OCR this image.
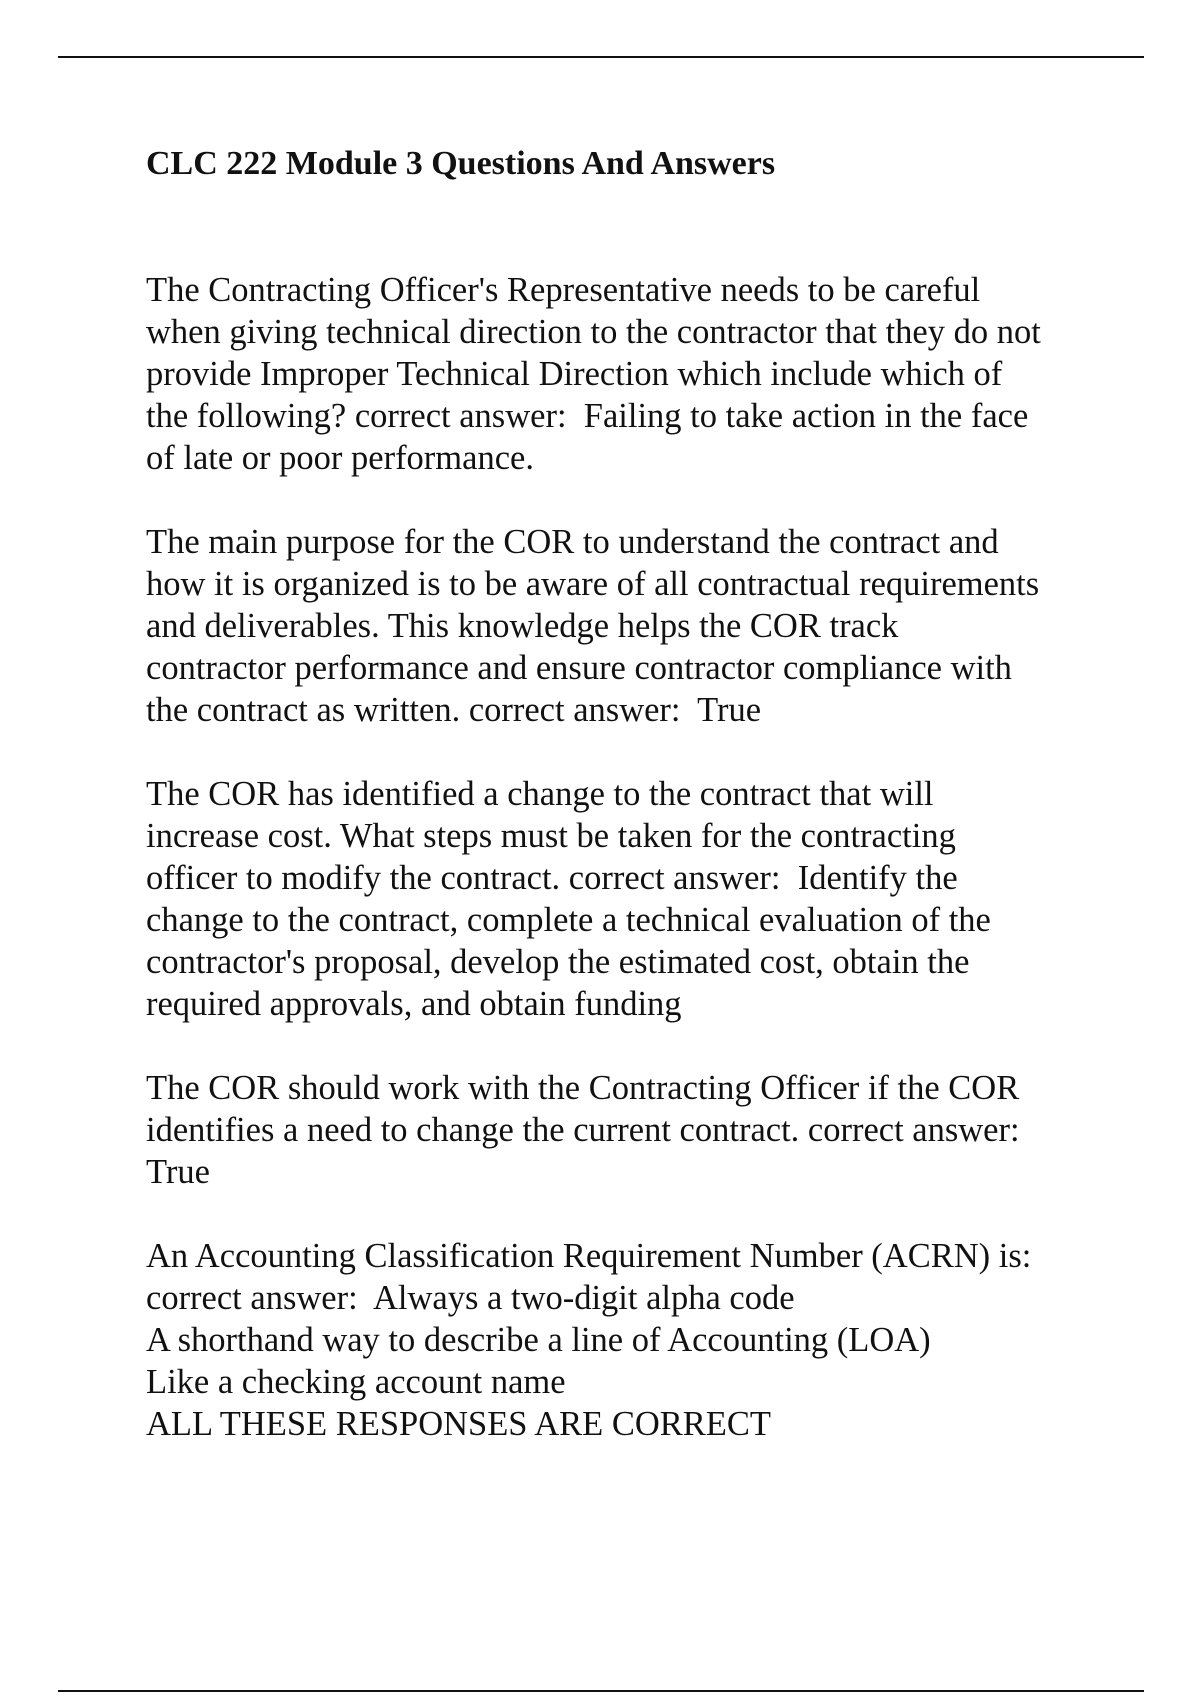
CLC 222 Module 3 Questions And Answers

The Contracting Officer's Representative needs to be careful
when giving technical direction to the contractor that they do not
provide Improper Technical Direction which include which of
the following? correct answer:  Failing to take action in the face
of late or poor performance.

The main purpose for the COR to understand the contract and
how it is organized is to be aware of all contractual requirements
and deliverables. This knowledge helps the COR track
contractor performance and ensure contractor compliance with
the contract as written. correct answer:  True

The COR has identified a change to the contract that will
increase cost. What steps must be taken for the contracting
officer to modify the contract. correct answer:  Identify the
change to the contract, complete a technical evaluation of the
contractor's proposal, develop the estimated cost, obtain the
required approvals, and obtain funding

The COR should work with the Contracting Officer if the COR
identifies a need to change the current contract. correct answer:
True

An Accounting Classification Requirement Number (ACRN) is:
correct answer:  Always a two-digit alpha code
A shorthand way to describe a line of Accounting (LOA)
Like a checking account name
ALL THESE RESPONSES ARE CORRECT
